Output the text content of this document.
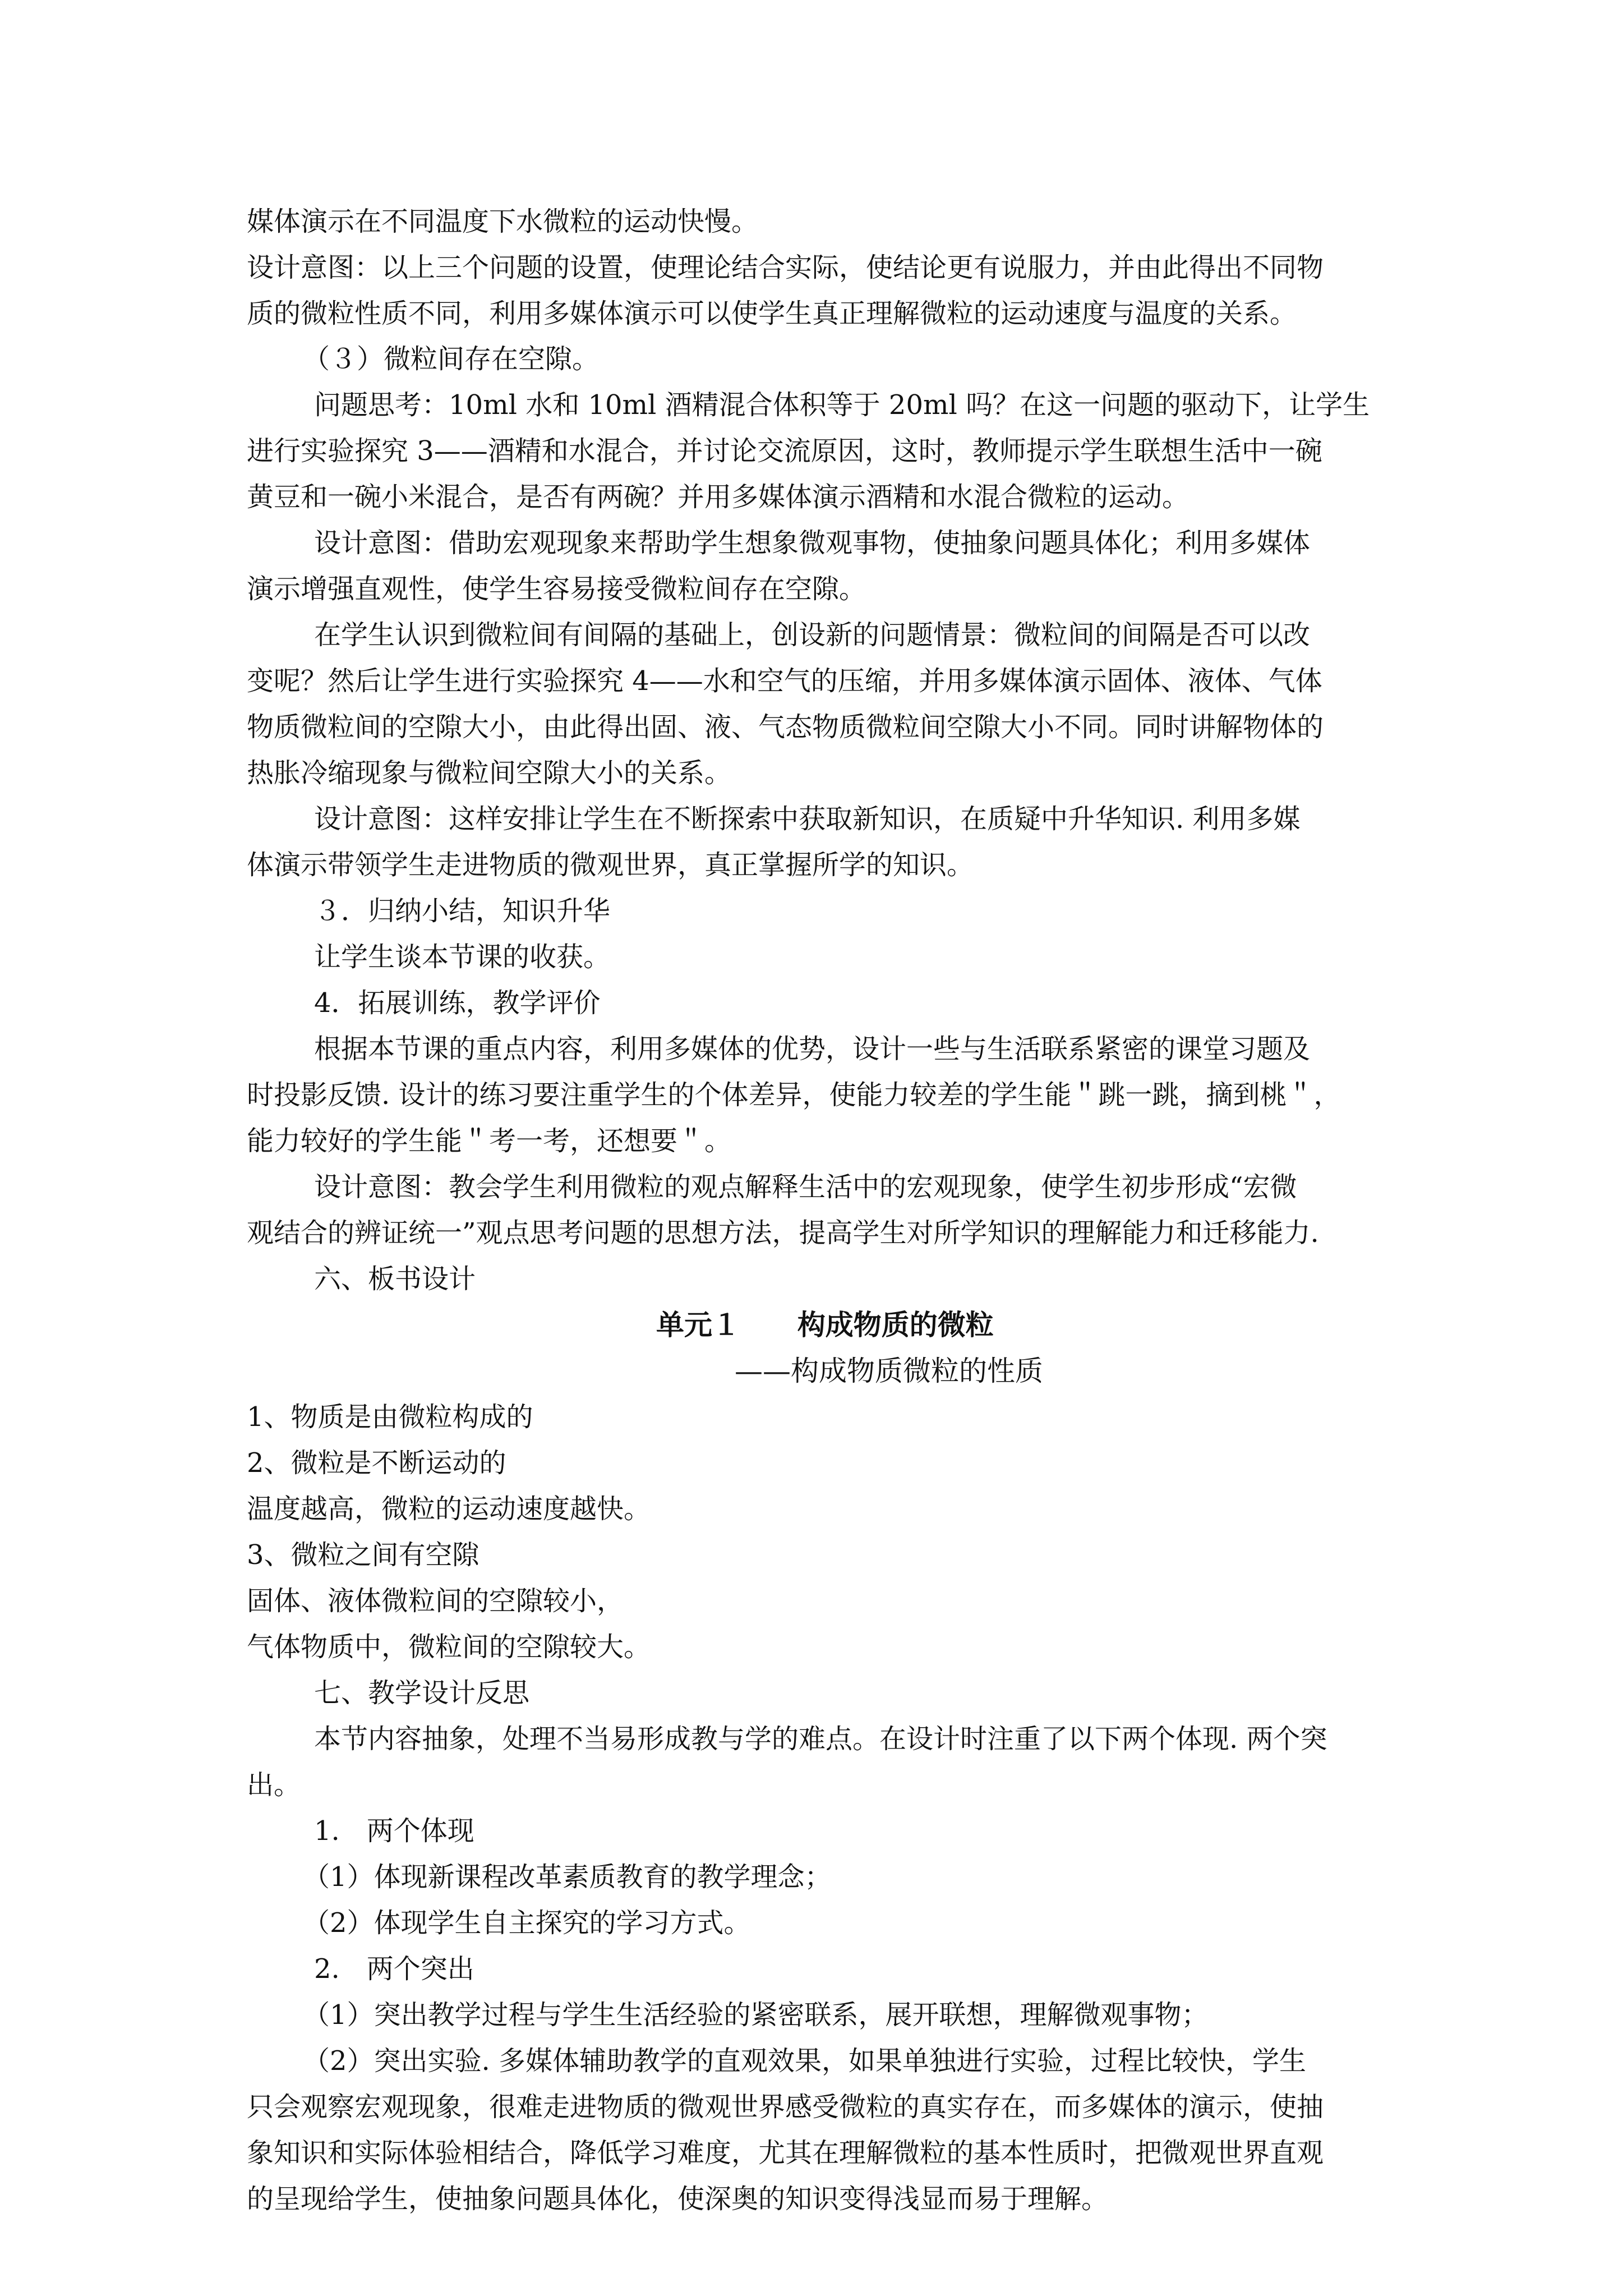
媒体演示在不同温度下水微粒的运动快慢。
设计意图：以上三个问题的设置，使理论结合实际，使结论更有说服力，并由此得出不同物
质的微粒性质不同，利用多媒体演示可以使学生真正理解微粒的运动速度与温度的关系。
（３）微粒间存在空隙。
问题思考：10ml 水和 10ml 酒精混合体积等于 20ml 吗？在这一问题的驱动下，让学生
进行实验探究 3——酒精和水混合，并讨论交流原因，这时，教师提示学生联想生活中一碗
黄豆和一碗小米混合，是否有两碗？并用多媒体演示酒精和水混合微粒的运动。
设计意图：借助宏观现象来帮助学生想象微观事物，使抽象问题具体化；利用多媒体
演示增强直观性，使学生容易接受微粒间存在空隙。
在学生认识到微粒间有间隔的基础上，创设新的问题情景：微粒间的间隔是否可以改
变呢？然后让学生进行实验探究 4——水和空气的压缩，并用多媒体演示固体、液体、气体
物质微粒间的空隙大小，由此得出固、液、气态物质微粒间空隙大小不同。同时讲解物体的
热胀冷缩现象与微粒间空隙大小的关系。
设计意图：这样安排让学生在不断探索中获取新知识，在质疑中升华知识. 利用多媒
体演示带领学生走进物质的微观世界，真正掌握所学的知识。
３．归纳小结，知识升华
让学生谈本节课的收获。
4．拓展训练，教学评价
根据本节课的重点内容，利用多媒体的优势，设计一些与生活联系紧密的课堂习题及
时投影反馈. 设计的练习要注重学生的个体差异，使能力较差的学生能＂跳一跳，摘到桃＂，
能力较好的学生能＂考一考，还想要＂。
设计意图：教会学生利用微粒的观点解释生活中的宏观现象，使学生初步形成“宏微
观结合的辨证统一”观点思考问题的思想方法，提高学生对所学知识的理解能力和迁移能力.
六、板书设计
单元１ 构成物质的微粒
——构成物质微粒的性质
1、物质是由微粒构成的
2、微粒是不断运动的
温度越高，微粒的运动速度越快。
3、微粒之间有空隙
固体、液体微粒间的空隙较小，
气体物质中，微粒间的空隙较大。
七、教学设计反思
本节内容抽象，处理不当易形成教与学的难点。在设计时注重了以下两个体现. 两个突
出。
1.　两个体现
（1）体现新课程改革素质教育的教学理念；
（2）体现学生自主探究的学习方式。
2.　两个突出
（1）突出教学过程与学生生活经验的紧密联系，展开联想，理解微观事物；
（2）突出实验. 多媒体辅助教学的直观效果，如果单独进行实验，过程比较快，学生
只会观察宏观现象，很难走进物质的微观世界感受微粒的真实存在，而多媒体的演示，使抽
象知识和实际体验相结合，降低学习难度，尤其在理解微粒的基本性质时，把微观世界直观
的呈现给学生，使抽象问题具体化，使深奥的知识变得浅显而易于理解。
